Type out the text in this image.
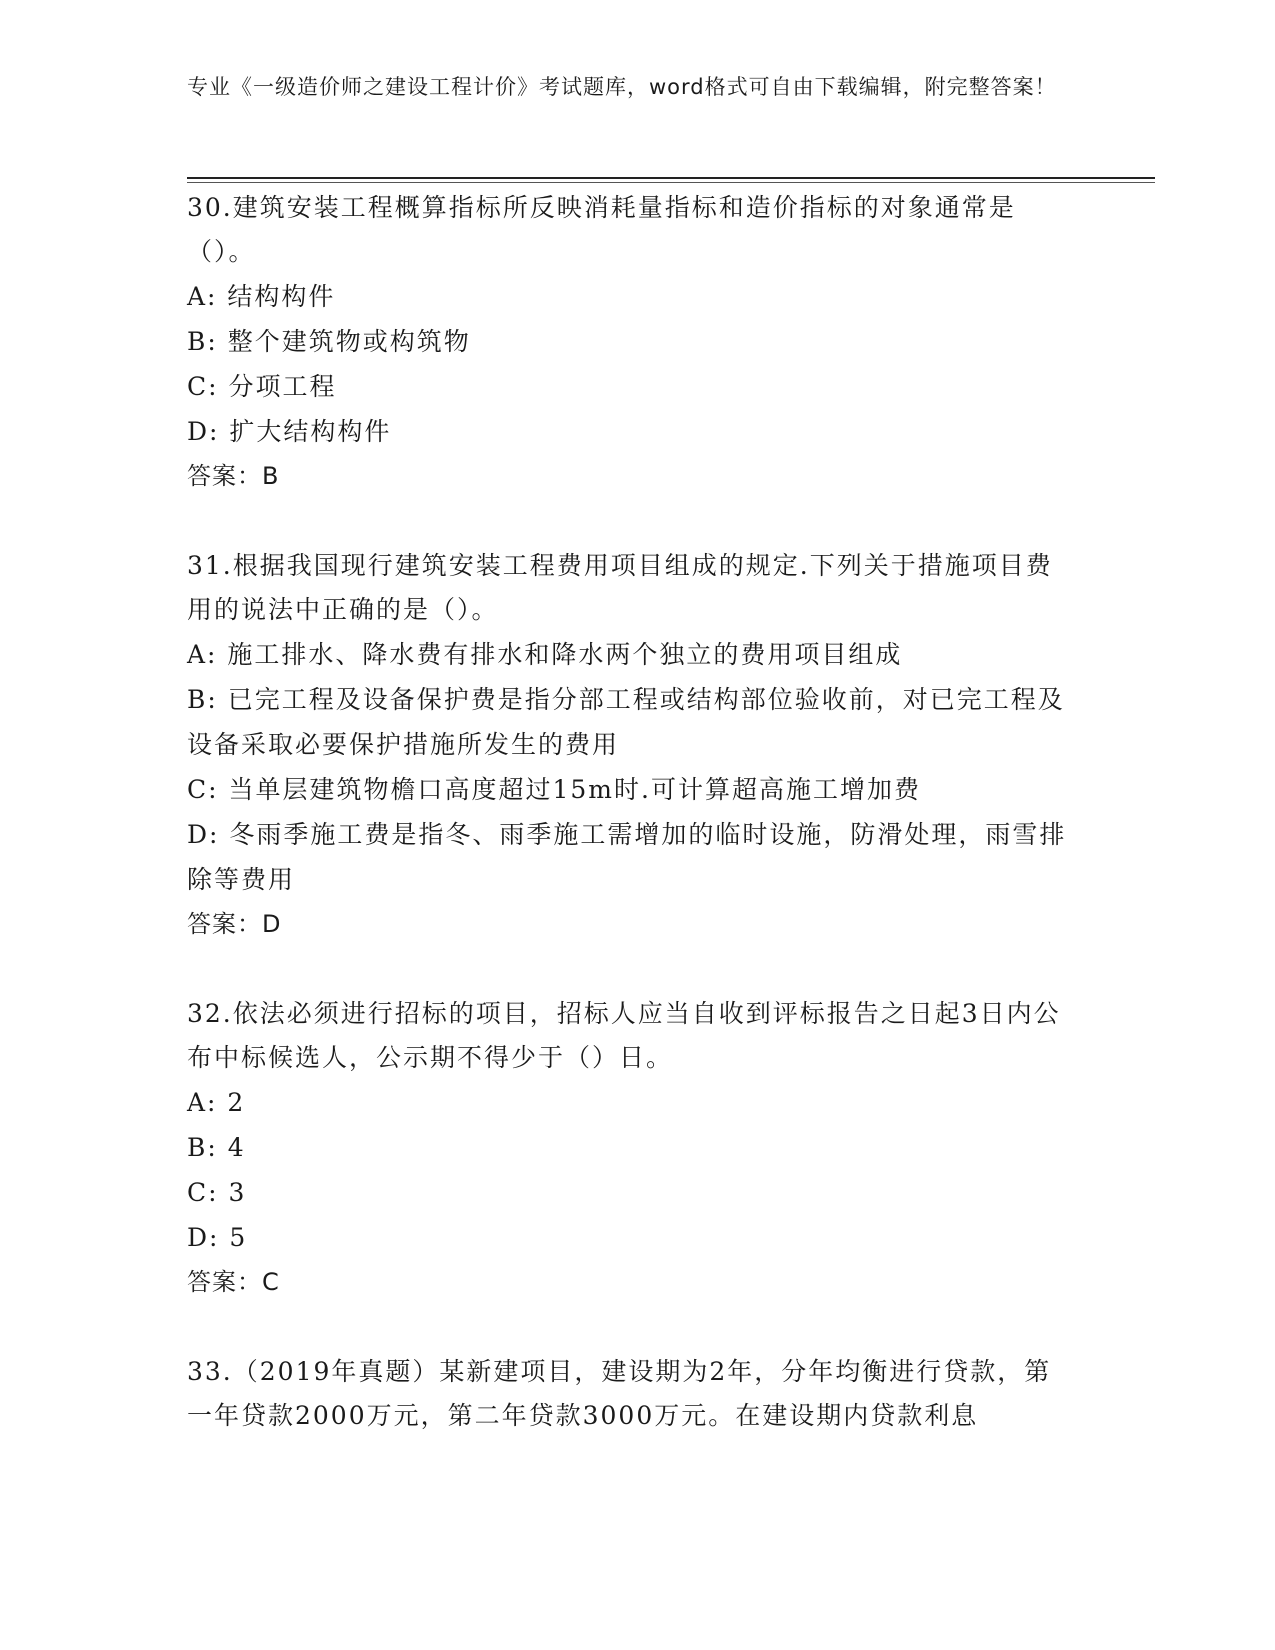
专业《一级造价师之建设工程计价》考试题库，word格式可自由下载编辑，附完整答案！

30.建筑安装工程概算指标所反映消耗量指标和造价指标的对象通常是（）。

A: 结构构件

B: 整个建筑物或构筑物

C: 分项工程

D: 扩大结构构件

答案：B

31.根据我国现行建筑安装工程费用项目组成的规定.下列关于措施项目费用的说法中正确的是（）。

A: 施工排水、降水费有排水和降水两个独立的费用项目组成

B: 已完工程及设备保护费是指分部工程或结构部位验收前，对已完工程及设备采取必要保护措施所发生的费用

C: 当单层建筑物檐口高度超过15m时.可计算超高施工增加费

D: 冬雨季施工费是指冬、雨季施工需增加的临时设施，防滑处理，雨雪排除等费用

答案：D

32.依法必须进行招标的项目，招标人应当自收到评标报告之日起3日内公布中标候选人，公示期不得少于（）日。

A: 2

B: 4

C: 3

D: 5

答案：C

33.（2019年真题）某新建项目，建设期为2年，分年均衡进行贷款，第一年贷款2000万元，第二年贷款3000万元。在建设期内贷款利息
